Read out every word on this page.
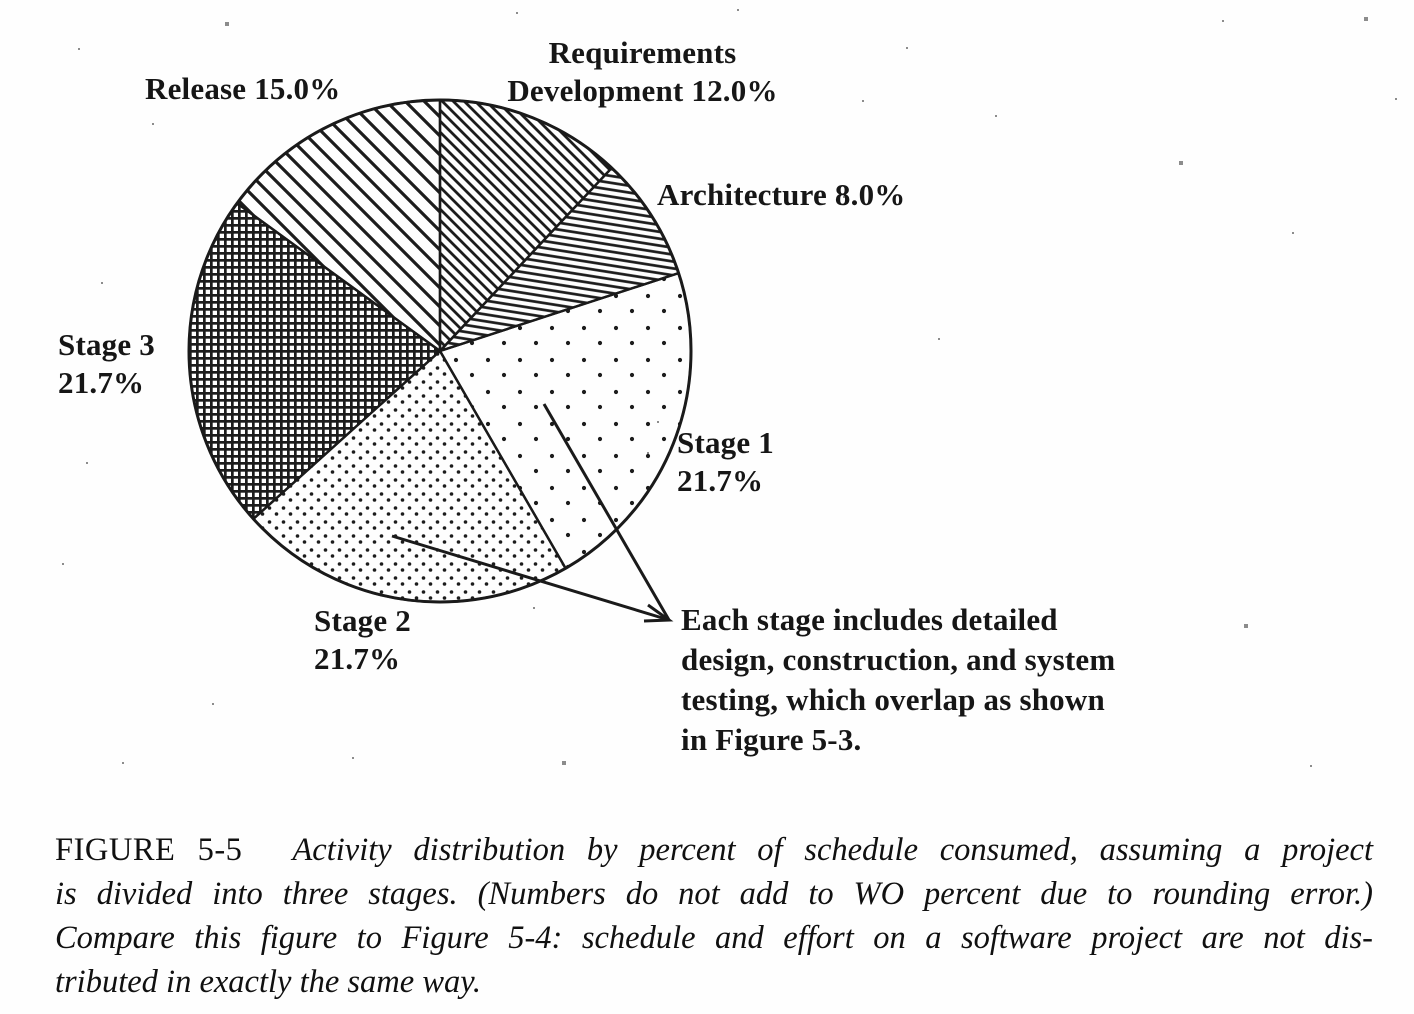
Release 15.0%
Requirements
Development 12.0%
Architecture 8.0%
Stage 3
21.7%
Stage 1
21.7%
Stage 2
21.7%
Each stage includes detailed
design, construction, and system
testing, which overlap as shown
in Figure 5-3.
FIGURE 5-5 Activity distribution by percent of schedule consumed, assuming a project
is divided into three stages. (Numbers do not add to WO percent due to rounding error.)
Compare this figure to Figure 5-4: schedule and effort on a software project are not dis-
tributed in exactly the same way.
